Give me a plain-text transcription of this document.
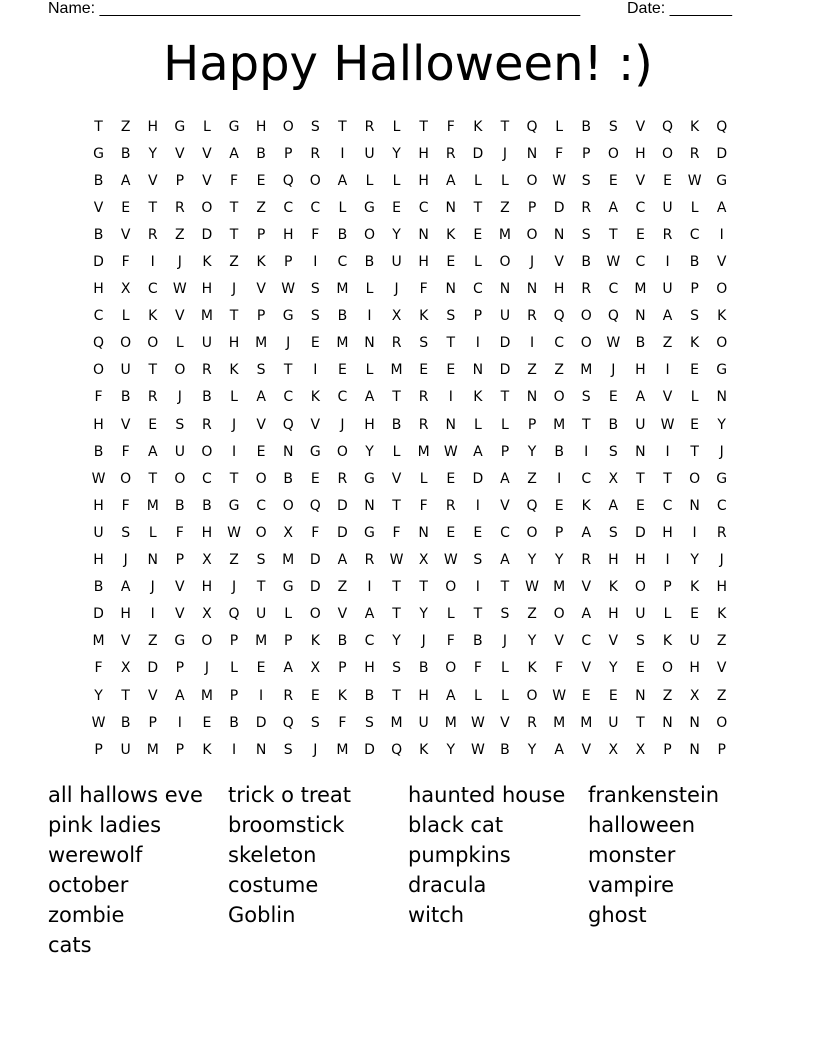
Name: ______________________________________________________	Date: _______
Happy Halloween! :)
T	Z	H	G	L	G	H	O	S	T	R	L	T	F	K	T	Q	L	B	S	V	Q	K	Q
G	B	Y	V	V	A	B	P	R	I	U	Y	H	R	D	J	N	F	P	O	H	O	R	D
B	A	V	P	V	F	E	Q	O	A	L	L	H	A	L	L	O	W	S	E	V	E	W	G
V	E	T	R	O	T	Z	C	C	L	G	E	C	N	T	Z	P	D	R	A	C	U	L	A
B	V	R	Z	D	T	P	H	F	B	O	Y	N	K	E	M	O	N	S	T	E	R	C	I
D	F	I	J	K	Z	K	P	I	C	B	U	H	E	L	O	J	V	B	W	C	I	B	V
H	X	C	W	H	J	V	W	S	M	L	J	F	N	C	N	N	H	R	C	M	U	P	O
C	L	K	V	M	T	P	G	S	B	I	X	K	S	P	U	R	Q	O	Q	N	A	S	K
Q	O	O	L	U	H	M	J	E	M	N	R	S	T	I	D	I	C	O	W	B	Z	K	O
O	U	T	O	R	K	S	T	I	E	L	M	E	E	N	D	Z	Z	M	J	H	I	E	G
F	B	R	J	B	L	A	C	K	C	A	T	R	I	K	T	N	O	S	E	A	V	L	N
H	V	E	S	R	J	V	Q	V	J	H	B	R	N	L	L	P	M	T	B	U	W	E	Y
B	F	A	U	O	I	E	N	G	O	Y	L	M	W	A	P	Y	B	I	S	N	I	T	J
W	O	T	O	C	T	O	B	E	R	G	V	L	E	D	A	Z	I	C	X	T	T	O	G
H	F	M	B	B	G	C	O	Q	D	N	T	F	R	I	V	Q	E	K	A	E	C	N	C
U	S	L	F	H	W	O	X	F	D	G	F	N	E	E	C	O	P	A	S	D	H	I	R
H	J	N	P	X	Z	S	M	D	A	R	W	X	W	S	A	Y	Y	R	H	H	I	Y	J
B	A	J	V	H	J	T	G	D	Z	I	T	T	O	I	T	W	M	V	K	O	P	K	H
D	H	I	V	X	Q	U	L	O	V	A	T	Y	L	T	S	Z	O	A	H	U	L	E	K
M	V	Z	G	O	P	M	P	K	B	C	Y	J	F	B	J	Y	V	C	V	S	K	U	Z
F	X	D	P	J	L	E	A	X	P	H	S	B	O	F	L	K	F	V	Y	E	O	H	V
Y	T	V	A	M	P	I	R	E	K	B	T	H	A	L	L	O	W	E	E	N	Z	X	Z
W	B	P	I	E	B	D	Q	S	F	S	M	U	M	W	V	R	M	M	U	T	N	N	O
P	U	M	P	K	I	N	S	J	M	D	Q	K	Y	W	B	Y	A	V	X	X	P	N	P
all hallows eve	trick o treat	haunted house	frankenstein
pink ladies	broomstick	black cat	halloween
werewolf	skeleton	pumpkins	monster
october	costume	dracula	vampire
zombie	Goblin	witch	ghost
cats
